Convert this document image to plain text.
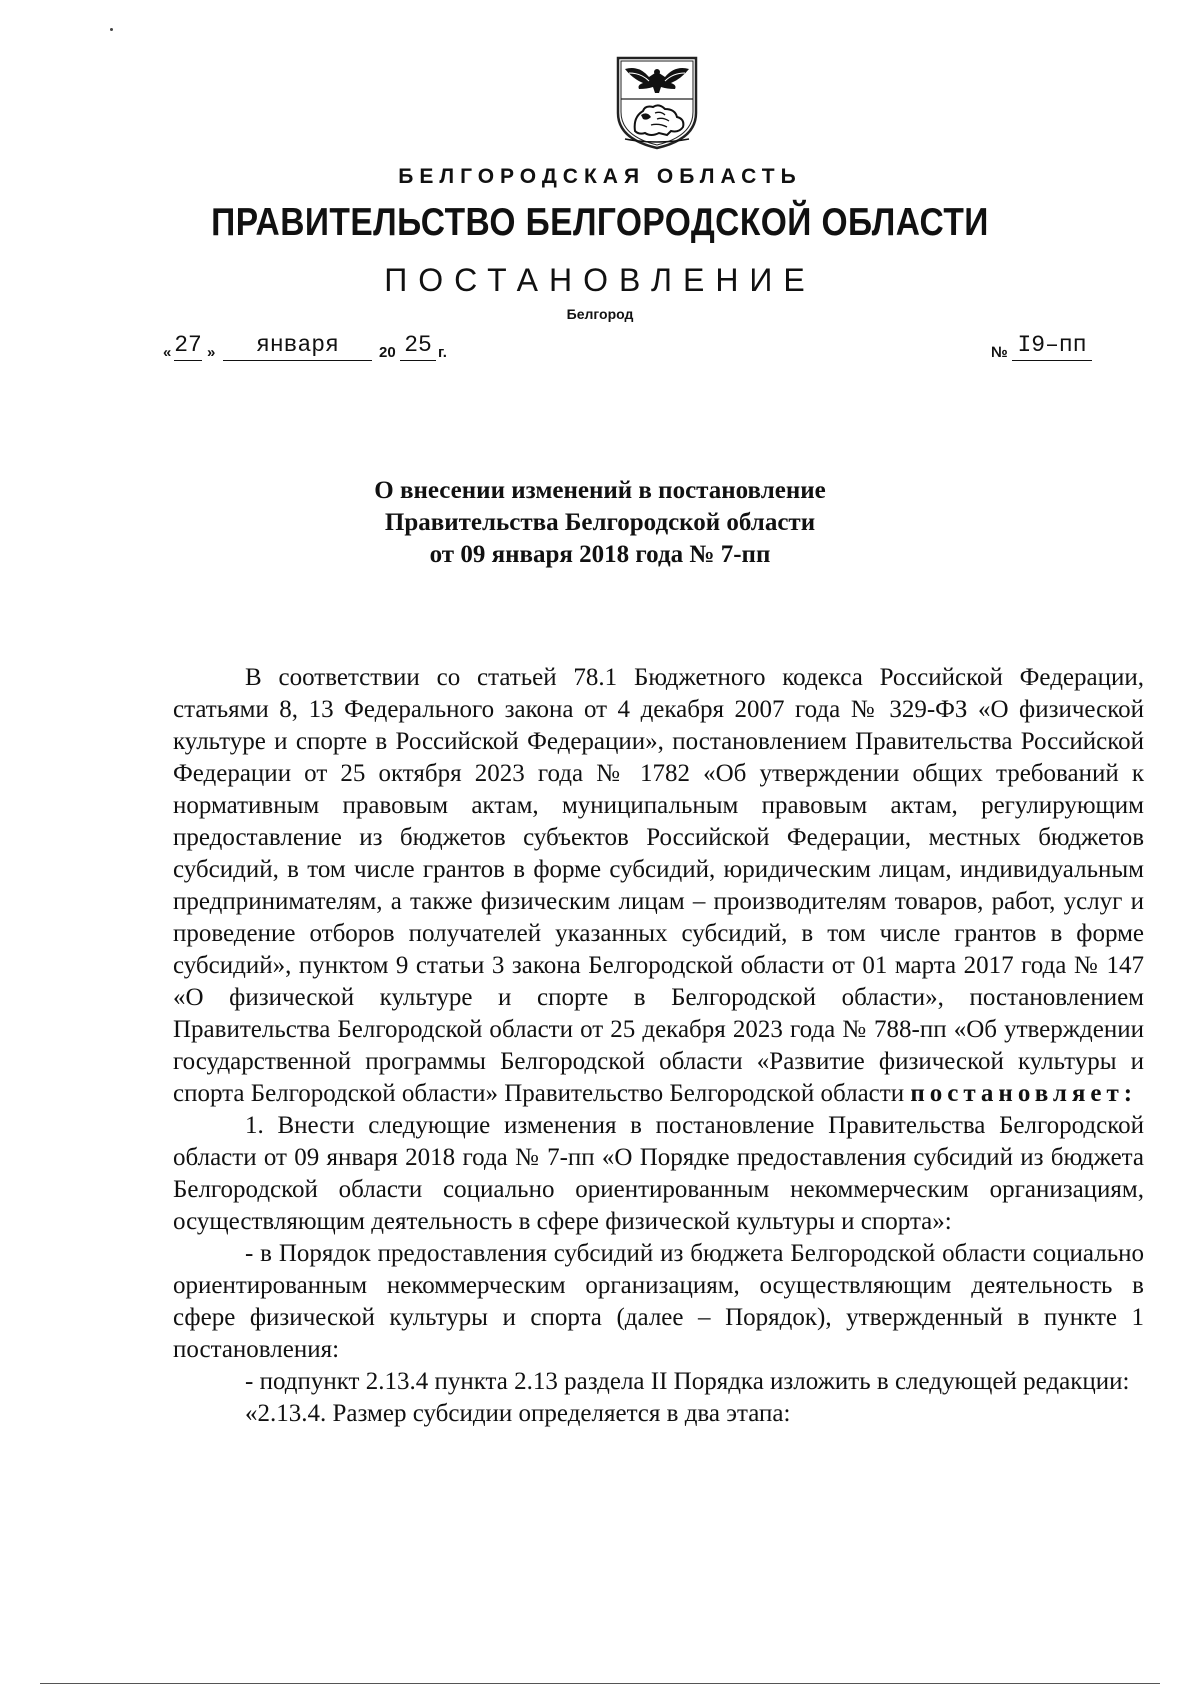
БЕЛГОРОДСКАЯ ОБЛАСТЬ
ПРАВИТЕЛЬСТВО БЕЛГОРОДСКОЙ ОБЛАСТИ
ПОСТАНОВЛЕНИЕ
Белгород
« 27 »	января	20 25 г.	№ I9–пп
О внесении изменений в постановление
Правительства Белгородской области
от 09 января 2018 года № 7-пп

В соответствии со статьей 78.1 Бюджетного кодекса Российской Федерации, статьями 8, 13 Федерального закона от 4 декабря 2007 года № 329-ФЗ «О физической культуре и спорте в Российской Федерации», постановлением Правительства Российской Федерации от 25 октября 2023 года № 1782 «Об утверждении общих требований к нормативным правовым актам, муниципальным правовым актам, регулирующим предоставление из бюджетов субъектов Российской Федерации, местных бюджетов субсидий, в том числе грантов в форме субсидий, юридическим лицам, индивидуальным предпринимателям, а также физическим лицам – производителям товаров, работ, услуг и проведение отборов получателей указанных субсидий, в том числе грантов в форме субсидий», пунктом 9 статьи 3 закона Белгородской области от 01 марта 2017 года № 147 «О физической культуре и спорте в Белгородской области», постановлением Правительства Белгородской области от 25 декабря 2023 года № 788-пп «Об утверждении государственной программы Белгородской области «Развитие физической культуры и спорта Белгородской области» Правительство Белгородской области постановляет:

1. Внести следующие изменения в постановление Правительства Белгородской области от 09 января 2018 года № 7-пп «О Порядке предоставления субсидий из бюджета Белгородской области социально ориентированным некоммерческим организациям, осуществляющим деятельность в сфере физической культуры и спорта»:

- в Порядок предоставления субсидий из бюджета Белгородской области социально ориентированным некоммерческим организациям, осуществляющим деятельность в сфере физической культуры и спорта (далее – Порядок), утвержденный в пункте 1 постановления:

- подпункт 2.13.4 пункта 2.13 раздела II Порядка изложить в следующей редакции:

«2.13.4. Размер субсидии определяется в два этапа:
